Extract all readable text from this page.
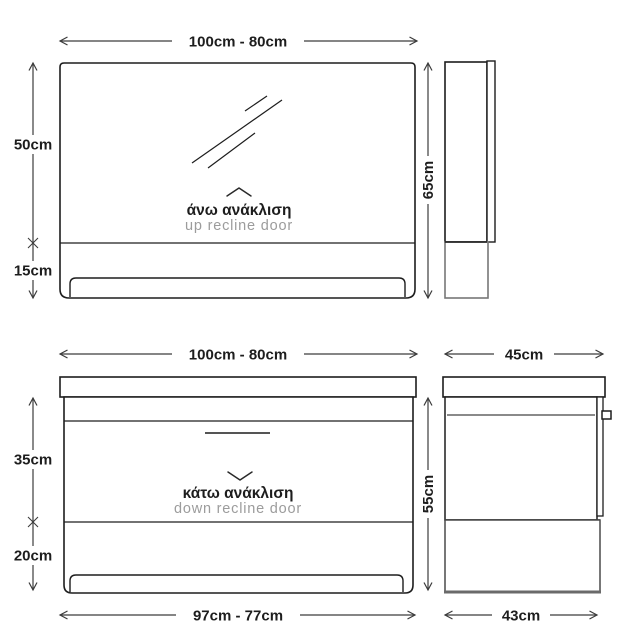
άνω ανάκλιση
up recline door
100cm - 80cm
50cm
15cm
65cm
κάτω ανάκλιση
down recline door
100cm - 80cm	45cm
35cm
20cm
55cm
97cm - 77cm	43cm
